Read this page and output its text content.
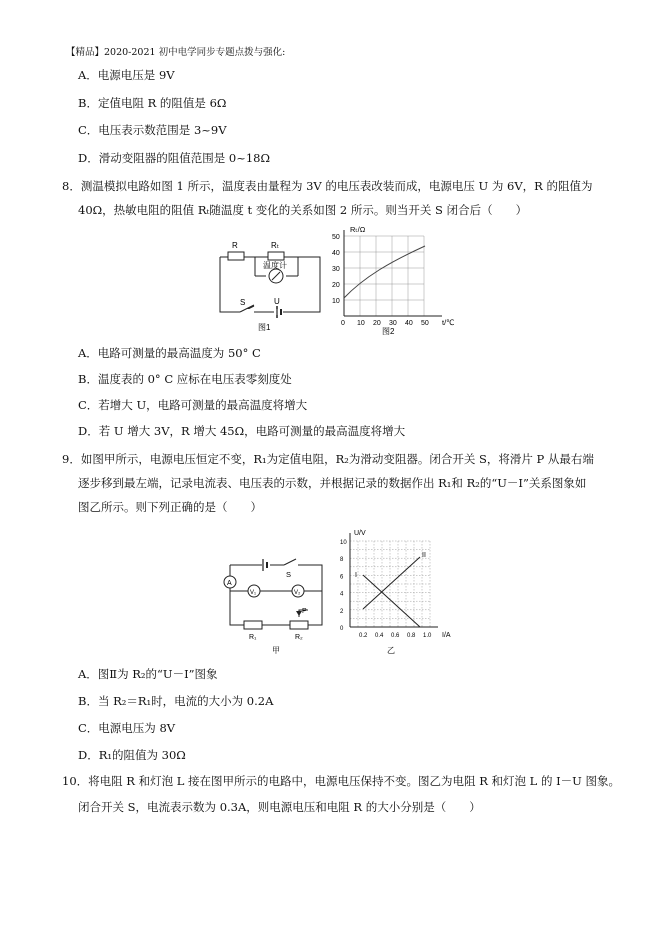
【精品】2020-2021 初中电学同步专题点拨与强化:
A．电源电压是 9V
B．定值电阻 R 的阻值是 6Ω
C．电压表示数范围是 3~9V
D．滑动变阻器的阻值范围是 0~18Ω
8．测温模拟电路如图 1 所示，温度表由量程为 3V 的电压表改装而成，电源电压 U 为 6V，R 的阻值为
40Ω，热敏电阻的阻值 Rₜ随温度 t 变化的关系如图 2 所示。则当开关 S 闭合后（　　）
R	Rₜ
温度计
S	U
图1
Rₜ/Ω
t/℃
50
40
30
20
10
0 10 20 30 40 50
图2
A．电路可测量的最高温度为 50° C
B．温度表的 0° C 应标在电压表零刻度处
C．若增大 U，电路可测量的最高温度将增大
D．若 U 增大 3V，R 增大 45Ω，电路可测量的最高温度将增大
9．如图甲所示，电源电压恒定不变，R₁为定值电阻，R₂为滑动变阻器。闭合开关 S，将滑片 P 从最右端
逐步移到最左端，记录电流表、电压表的示数，并根据记录的数据作出 R₁和 R₂的“U－I”关系图象如
图乙所示。则下列正确的是（　　）
A
V₁	V₂
S
P
R₁	R₂
甲
U/V
I/A
I
II
10
8
6
4
2
0
0.2 0.4 0.6 0.8 1.0
乙
A．图Ⅱ为 R₂的“U－I”图象
B．当 R₂＝R₁时，电流的大小为 0.2A
C．电源电压为 8V
D．R₁的阻值为 30Ω
10．将电阻 R 和灯泡 L 接在图甲所示的电路中，电源电压保持不变。图乙为电阻 R 和灯泡 L 的 I－U 图象。
闭合开关 S，电流表示数为 0.3A，则电源电压和电阻 R 的大小分别是（　　）
